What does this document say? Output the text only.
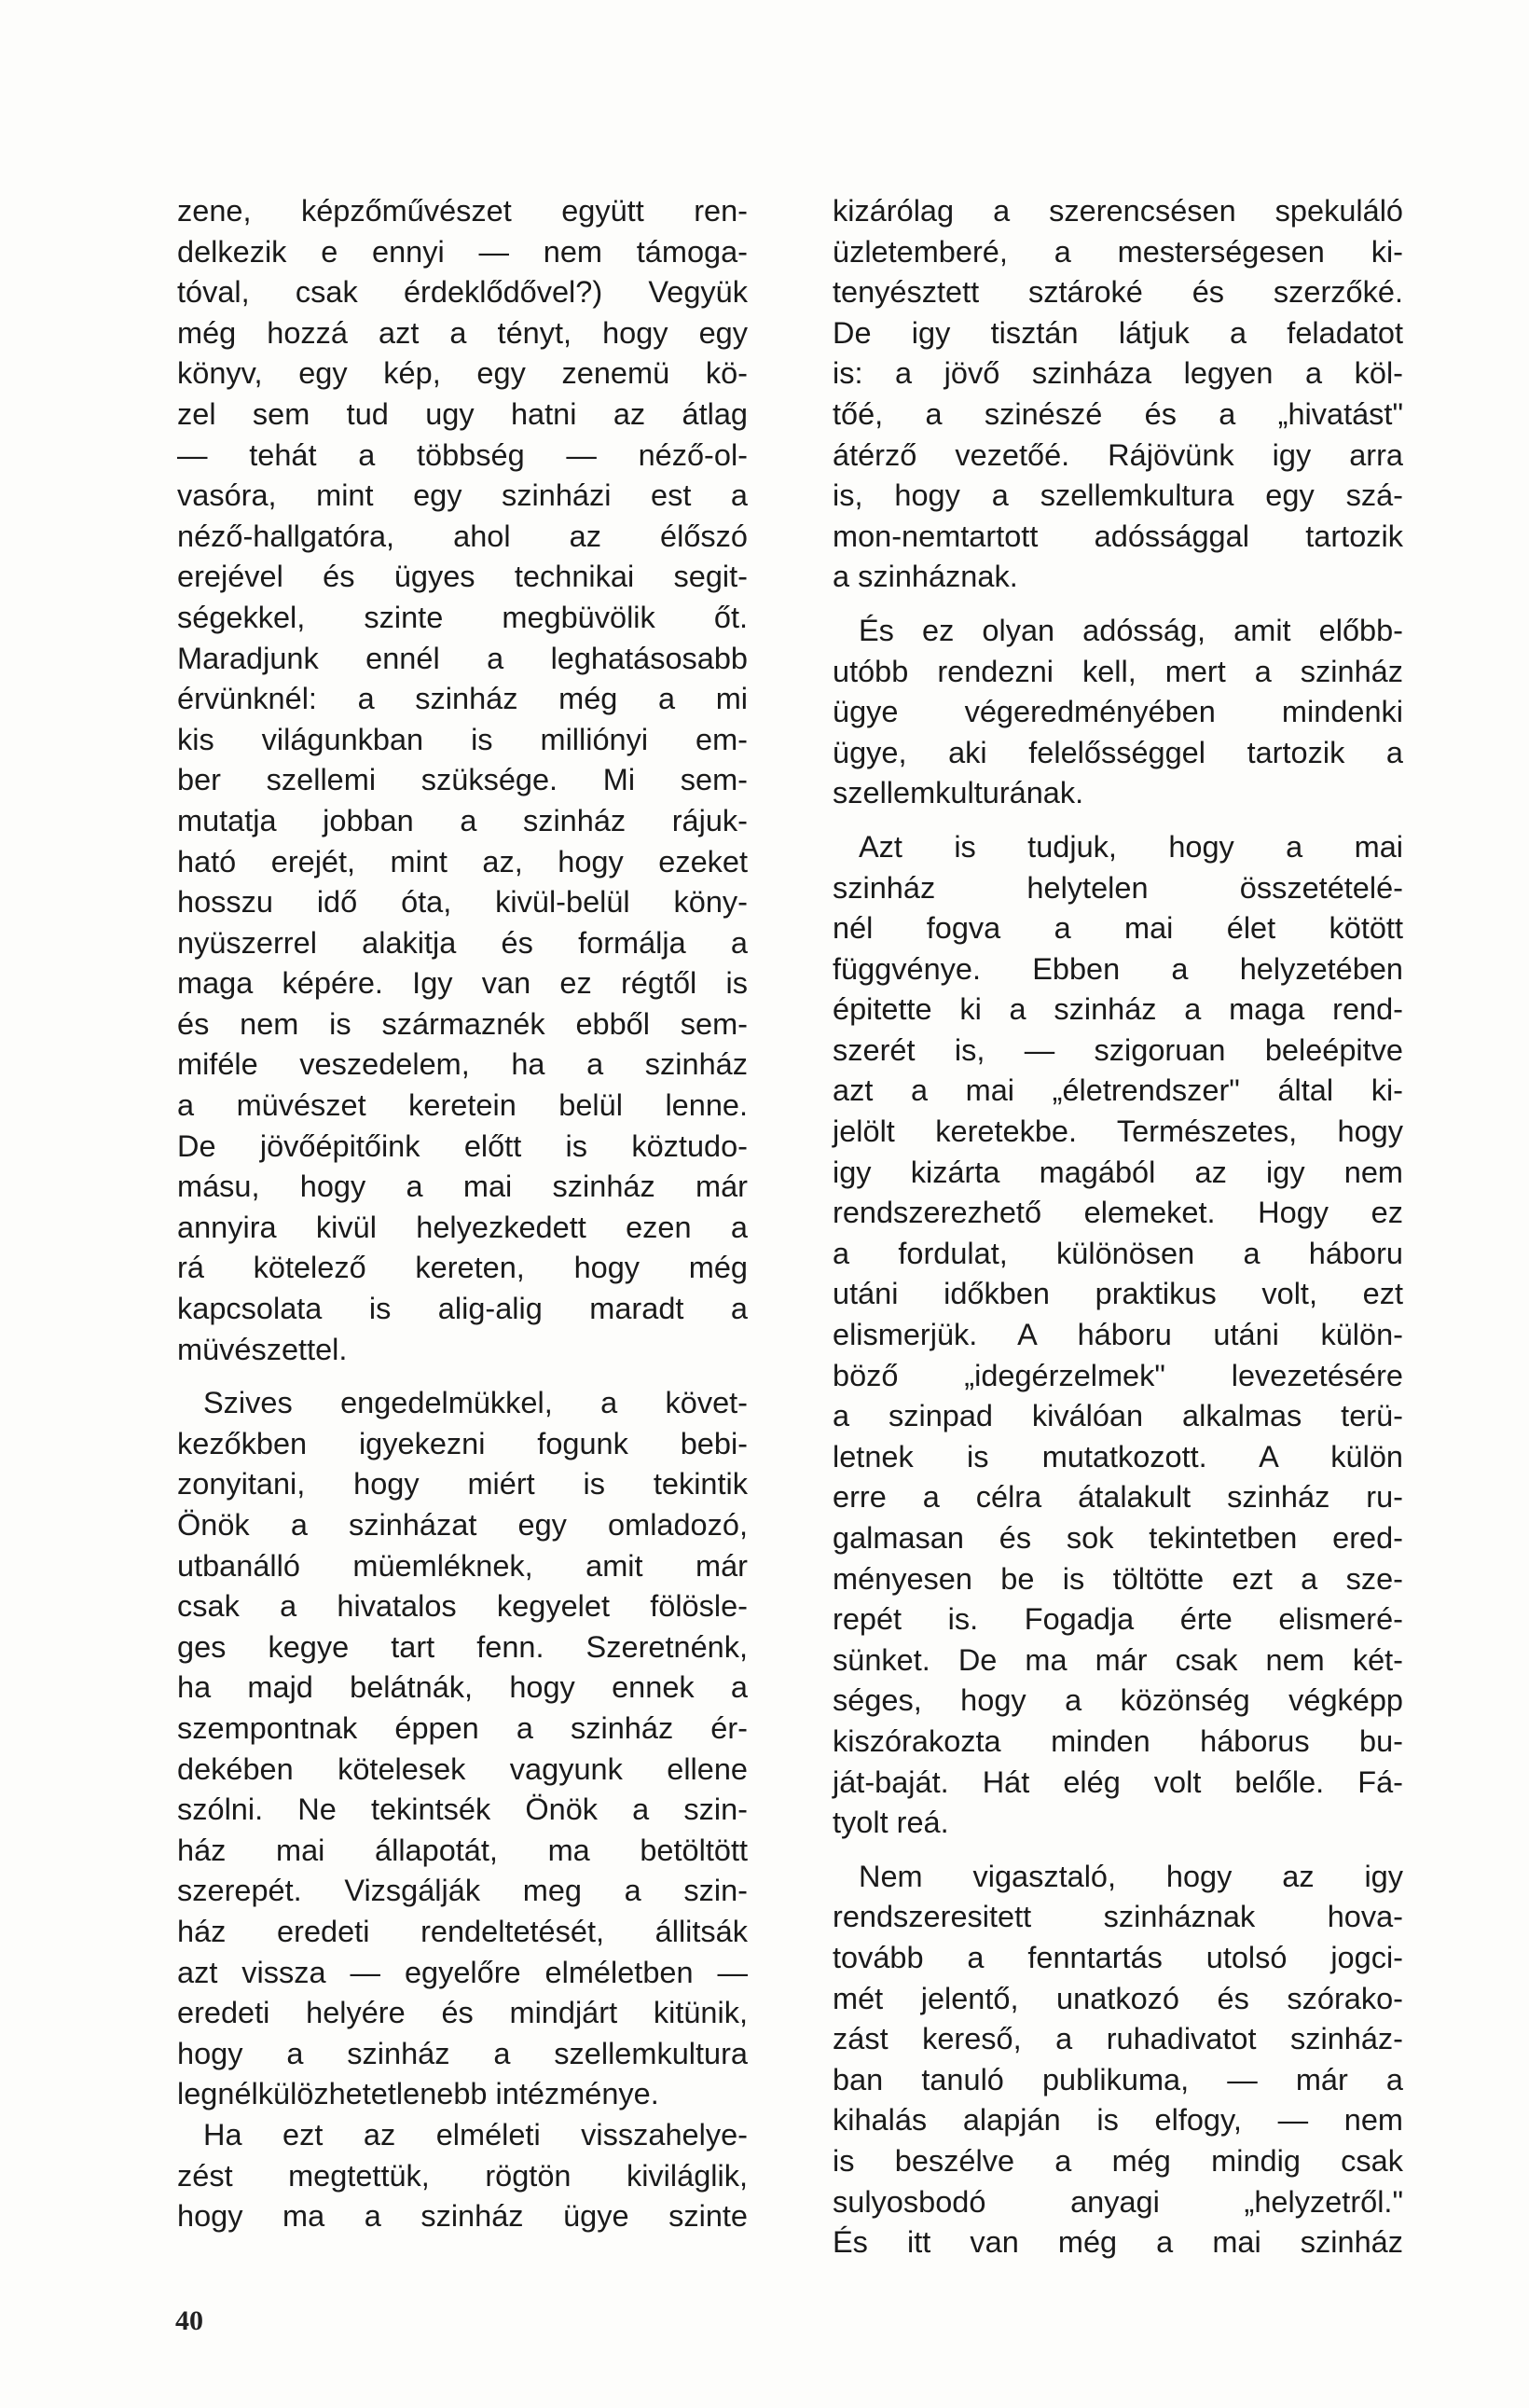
zene, képzőművészet együtt ren-
delkezik e ennyi — nem támoga-
tóval, csak érdeklődővel?) Vegyük
még hozzá azt a tényt, hogy egy
könyv, egy kép, egy zenemü kö-
zel sem tud ugy hatni az átlag
— tehát a többség — néző-ol-
vasóra, mint egy szinházi est a
néző-hallgatóra, ahol az élőszó
erejével és ügyes technikai segit-
ségekkel, szinte megbüvölik őt.
Maradjunk ennél a leghatásosabb
érvünknél: a szinház még a mi
kis világunkban is milliónyi em-
ber szellemi szüksége. Mi sem-
mutatja jobban a szinház rájuk-
ható erejét, mint az, hogy ezeket
hosszu idő óta, kivül-belül köny-
nyüszerrel alakitja és formálja a
maga képére. Igy van ez régtől is
és nem is származnék ebből sem-
miféle veszedelem, ha a szinház
a müvészet keretein belül lenne.
De jövőépitőink előtt is köztudo-
másu, hogy a mai szinház már
annyira kivül helyezkedett ezen a
rá kötelező kereten, hogy még
kapcsolata is alig-alig maradt a
müvészettel.
Szives engedelmükkel, a követ-
kezőkben igyekezni fogunk bebi-
zonyitani, hogy miért is tekintik
Önök a szinházat egy omladozó,
utbanálló müemléknek, amit már
csak a hivatalos kegyelet fölösle-
ges kegye tart fenn. Szeretnénk,
ha majd belátnák, hogy ennek a
szempontnak éppen a szinház ér-
dekében kötelesek vagyunk ellene
szólni. Ne tekintsék Önök a szin-
ház mai állapotát, ma betöltött
szerepét. Vizsgálják meg a szin-
ház eredeti rendeltetését, állitsák
azt vissza — egyelőre elméletben —
eredeti helyére és mindjárt kitünik,
hogy a szinház a szellemkultura
legnélkülözhetetlenebb intézménye.
Ha ezt az elméleti visszahelye-
zést megtettük, rögtön kiviláglik,
hogy ma a szinház ügye szinte
kizárólag a szerencsésen spekuláló
üzletemberé, a mesterségesen ki-
tenyésztett sztároké és szerzőké.
De igy tisztán látjuk a feladatot
is: a jövő szinháza legyen a köl-
tőé, a szinészé és a „hivatást"
átérző vezetőé. Rájövünk igy arra
is, hogy a szellemkultura egy szá-
mon-nemtartott adóssággal tartozik
a szinháznak.
És ez olyan adósság, amit előbb-
utóbb rendezni kell, mert a szinház
ügye végeredményében mindenki
ügye, aki felelősséggel tartozik a
szellemkulturának.
Azt is tudjuk, hogy a mai
szinház helytelen összetételé-
nél fogva a mai élet kötött
függvénye. Ebben a helyzetében
épitette ki a szinház a maga rend-
szerét is, — szigoruan beleépitve
azt a mai „életrendszer" által ki-
jelölt keretekbe. Természetes, hogy
igy kizárta magából az igy nem
rendszerezhető elemeket. Hogy ez
a fordulat, különösen a háboru
utáni időkben praktikus volt, ezt
elismerjük. A háboru utáni külön-
böző „idegérzelmek" levezetésére
a szinpad kiválóan alkalmas terü-
letnek is mutatkozott. A külön
erre a célra átalakult szinház ru-
galmasan és sok tekintetben ered-
ményesen be is töltötte ezt a sze-
repét is. Fogadja érte elismeré-
sünket. De ma már csak nem két-
séges, hogy a közönség végképp
kiszórakozta minden háborus bu-
ját-baját. Hát elég volt belőle. Fá-
tyolt reá.
Nem vigasztaló, hogy az igy
rendszeresitett szinháznak hova-
tovább a fenntartás utolsó jogci-
mét jelentő, unatkozó és szórako-
zást kereső, a ruhadivatot szinház-
ban tanuló publikuma, — már a
kihalás alapján is elfogy, — nem
is beszélve a még mindig csak
sulyosbodó anyagi „helyzetről."
És itt van még a mai szinház
40
